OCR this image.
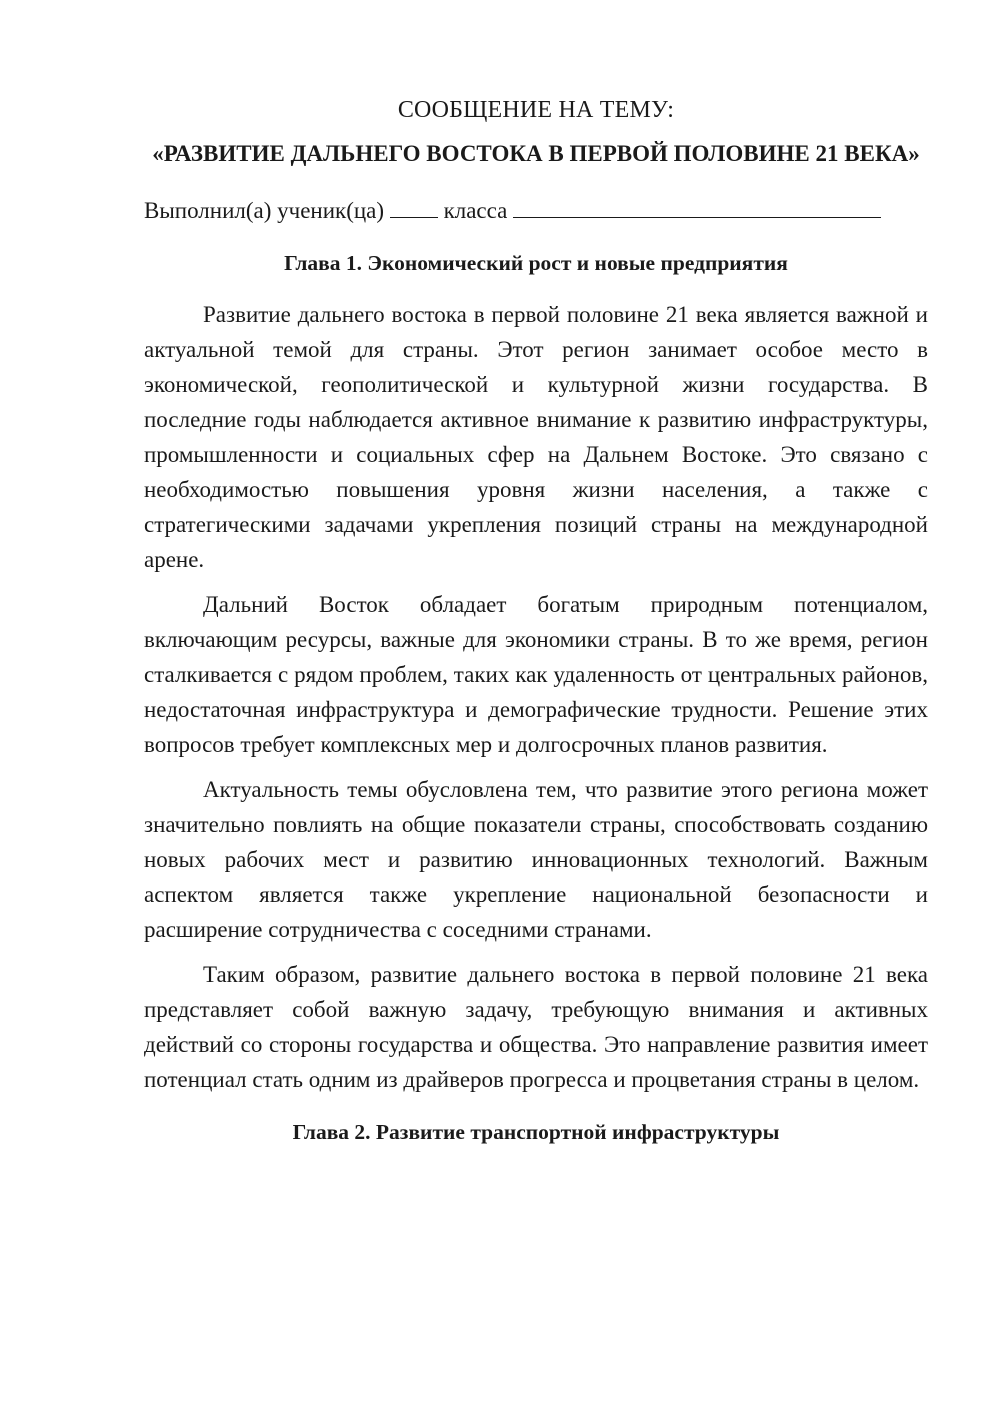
СООБЩЕНИЕ НА ТЕМУ:

«РАЗВИТИЕ ДАЛЬНЕГО ВОСТОКА В ПЕРВОЙ ПОЛОВИНЕ 21 ВЕКА»

Выполнил(а) ученик(ца)	класса
Глава 1. Экономический рост и новые предприятия

Развитие дальнего востока в первой половине 21 века является важной и актуальной темой для страны. Этот регион занимает особое место в экономической, геополитической и культурной жизни государства. В последние годы наблюдается активное внимание к развитию инфраструктуры, промышленности и социальных сфер на Дальнем Востоке. Это связано с необходимостью повышения уровня жизни населения, а также с стратегическими задачами укрепления позиций страны на международной арене.

Дальний Восток обладает богатым природным потенциалом, включающим ресурсы, важные для экономики страны. В то же время, регион сталкивается с рядом проблем, таких как удаленность от центральных районов, недостаточная инфраструктура и демографические трудности. Решение этих вопросов требует комплексных мер и долгосрочных планов развития.

Актуальность темы обусловлена тем, что развитие этого региона может значительно повлиять на общие показатели страны, способствовать созданию новых рабочих мест и развитию инновационных технологий. Важным аспектом является также укрепление национальной безопасности и расширение сотрудничества с соседними странами.

Таким образом, развитие дальнего востока в первой половине 21 века представляет собой важную задачу, требующую внимания и активных действий со стороны государства и общества. Это направление развития имеет потенциал стать одним из драйверов прогресса и процветания страны в целом.

Глава 2. Развитие транспортной инфраструктуры
